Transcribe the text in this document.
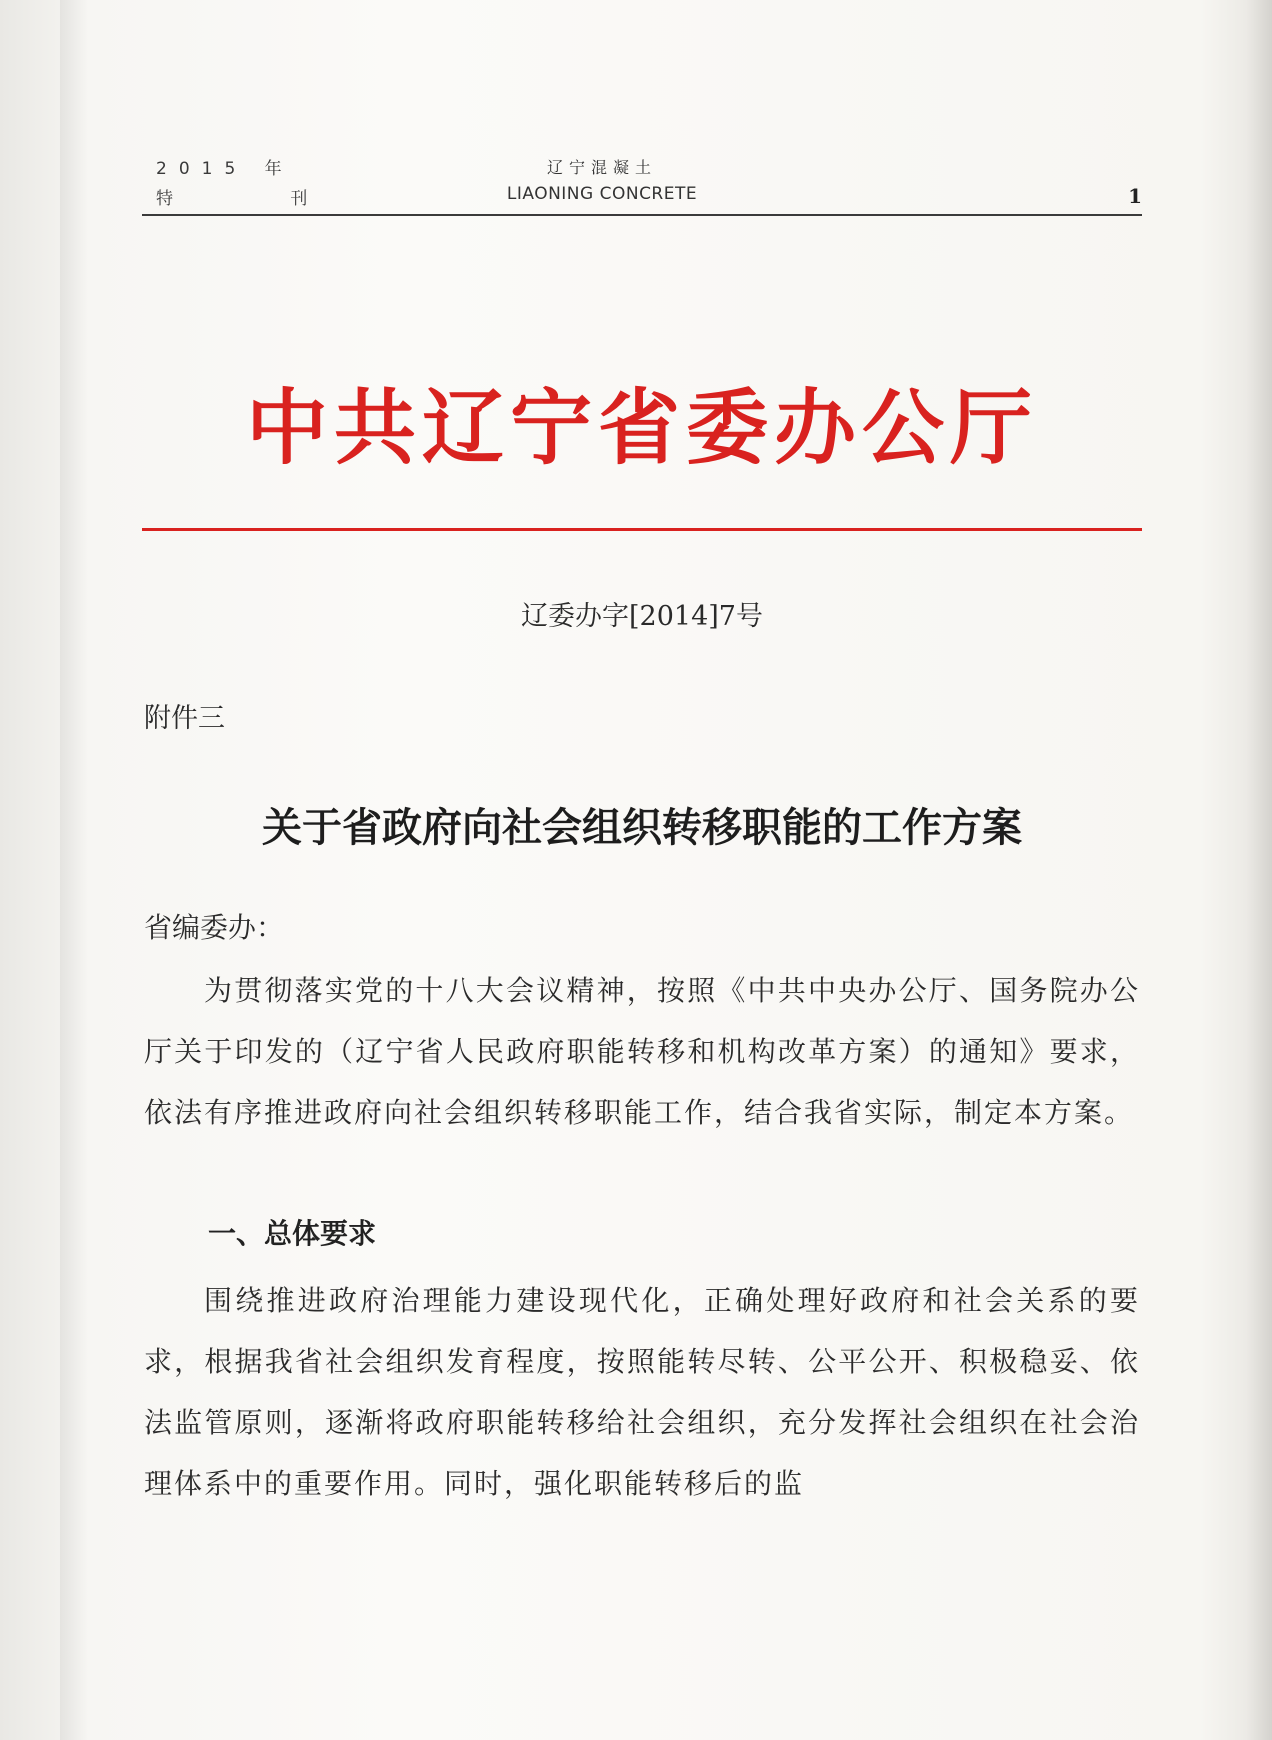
2015 年
特 刊
辽宁混凝土
LIAONING CONCRETE	1

中共辽宁省委办公厅
辽委办字[2014]7号
附件三
关于省政府向社会组织转移职能的工作方案
省编委办：
为贯彻落实党的十八大会议精神，按照《中共中央办公厅、国务院办公厅关于印发的（辽宁省人民政府职能转移和机构改革方案）的通知》要求，依法有序推进政府向社会组织转移职能工作，结合我省实际，制定本方案。
一、总体要求
围绕推进政府治理能力建设现代化，正确处理好政府和社会关系的要求，根据我省社会组织发育程度，按照能转尽转、公平公开、积极稳妥、依法监管原则，逐渐将政府职能转移给社会组织，充分发挥社会组织在社会治理体系中的重要作用。同时，强化职能转移后的监
